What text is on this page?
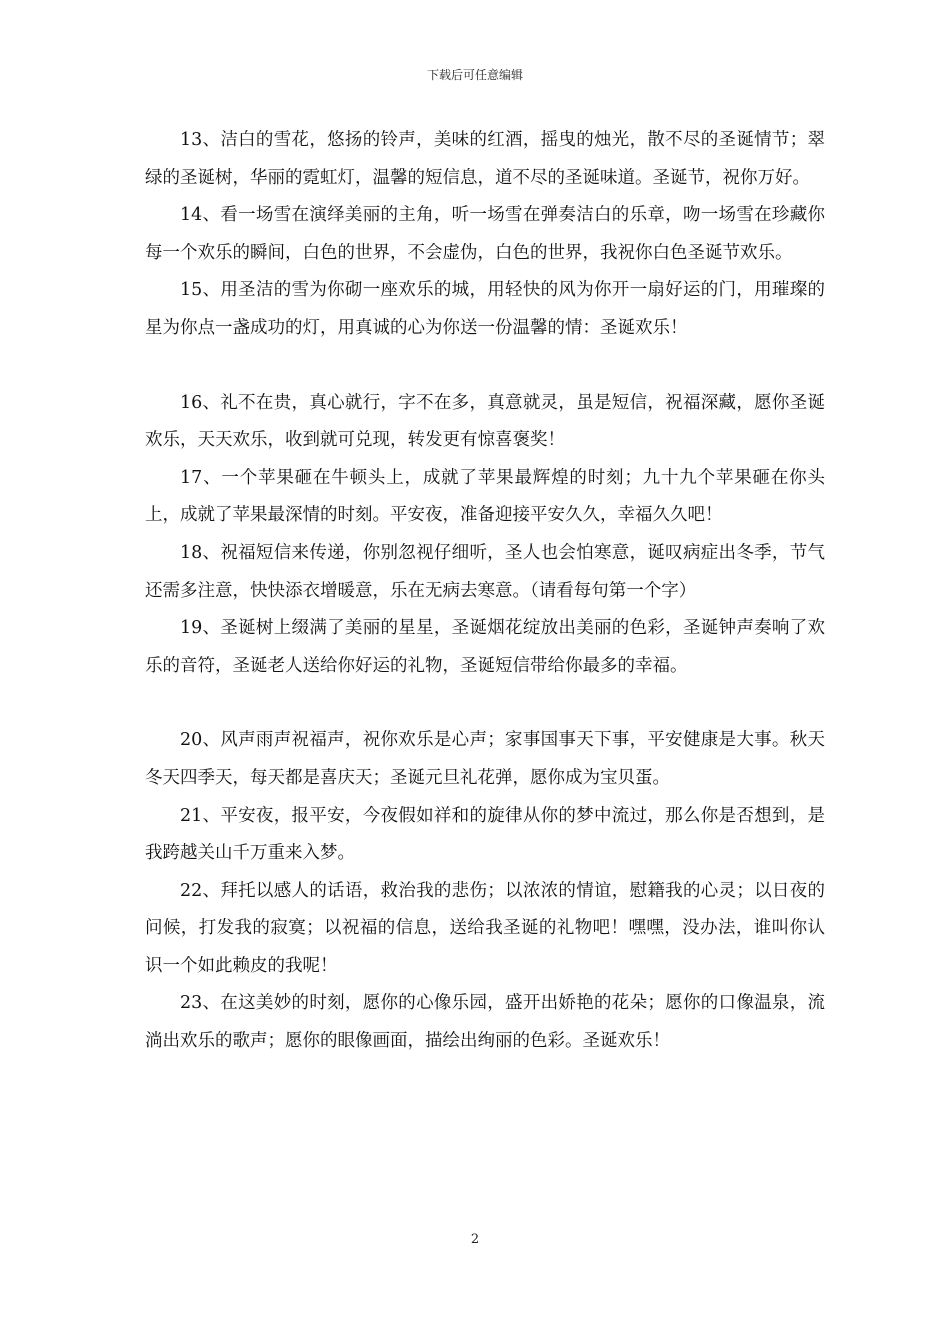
下载后可任意编辑

13、洁白的雪花，悠扬的铃声，美味的红酒，摇曳的烛光，散不尽的圣诞情节；翠绿的圣诞树，华丽的霓虹灯，温馨的短信息，道不尽的圣诞味道。圣诞节，祝你万好。

14、看一场雪在演绎美丽的主角，听一场雪在弹奏洁白的乐章，吻一场雪在珍藏你每一个欢乐的瞬间，白色的世界，不会虚伪，白色的世界，我祝你白色圣诞节欢乐。

15、用圣洁的雪为你砌一座欢乐的城，用轻快的风为你开一扇好运的门，用璀璨的星为你点一盏成功的灯，用真诚的心为你送一份温馨的情：圣诞欢乐！

16、礼不在贵，真心就行，字不在多，真意就灵，虽是短信，祝福深藏，愿你圣诞欢乐，天天欢乐，收到就可兑现，转发更有惊喜褒奖！

17、一个苹果砸在牛顿头上，成就了苹果最辉煌的时刻；九十九个苹果砸在你头上，成就了苹果最深情的时刻。平安夜，准备迎接平安久久，幸福久久吧！

18、祝福短信来传递，你别忽视仔细听，圣人也会怕寒意，诞叹病症出冬季，节气还需多注意，快快添衣增暖意，乐在无病去寒意。（请看每句第一个字）

19、圣诞树上缀满了美丽的星星，圣诞烟花绽放出美丽的色彩，圣诞钟声奏响了欢乐的音符，圣诞老人送给你好运的礼物，圣诞短信带给你最多的幸福。

20、风声雨声祝福声，祝你欢乐是心声；家事国事天下事，平安健康是大事。秋天冬天四季天，每天都是喜庆天；圣诞元旦礼花弹，愿你成为宝贝蛋。

21、平安夜，报平安，今夜假如祥和的旋律从你的梦中流过，那么你是否想到，是我跨越关山千万重来入梦。

22、拜托以感人的话语，救治我的悲伤；以浓浓的情谊，慰籍我的心灵；以日夜的问候，打发我的寂寞；以祝福的信息，送给我圣诞的礼物吧！嘿嘿，没办法，谁叫你认识一个如此赖皮的我呢！

23、在这美妙的时刻，愿你的心像乐园，盛开出娇艳的花朵；愿你的口像温泉，流淌出欢乐的歌声；愿你的眼像画面，描绘出绚丽的色彩。圣诞欢乐！

2
